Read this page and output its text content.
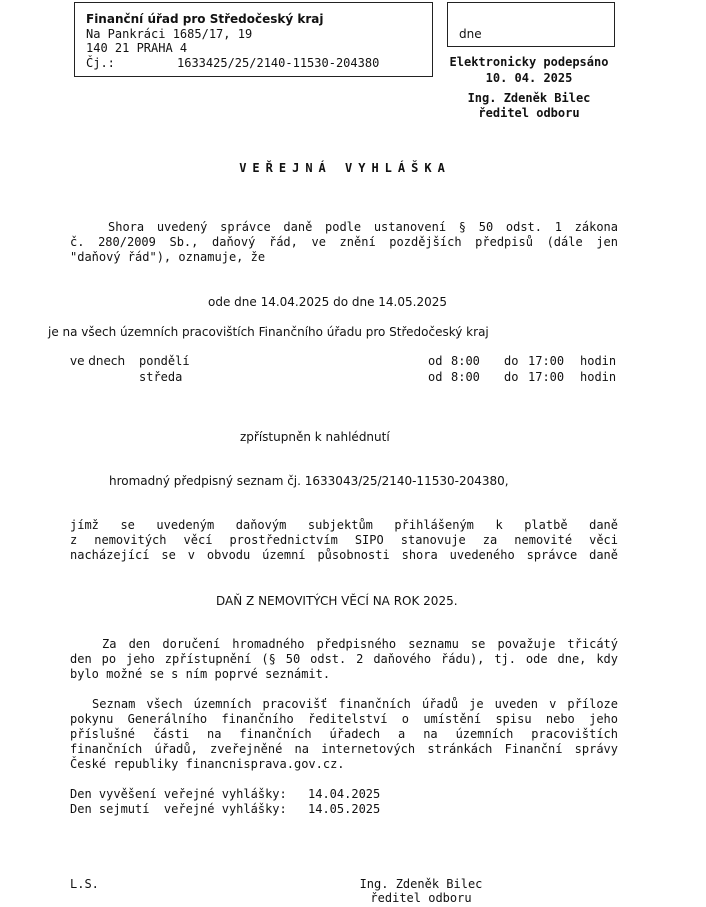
Finanční úřad pro Středočeský kraj
Na Pankráci 1685/17, 19
140 21 PRAHA 4
Čj.:	1633425/25/2140-11530-204380
dne
Elektronicky podepsáno
10. 04. 2025
Ing. Zdeněk Bilec
ředitel odboru
VEŘEJNÁ VYHLÁŠKA
Shora uvedený správce daně podle ustanovení § 50 odst. 1 zákona
č. 280/2009 Sb., daňový řád, ve znění pozdějších předpisů (dále jen
"daňový řád"), oznamuje, že
ode dne 14.04.2025 do dne 14.05.2025
je na všech územních pracovištích Finančního úřadu pro Středočeský kraj
ve dnech pondělí	od 8:00 do 17:00 hodin
středa	od 8:00 do 17:00 hodin
zpřístupněn k nahlédnutí
hromadný předpisný seznam čj. 1633043/25/2140-11530-204380,
jímž se uvedeným daňovým subjektům přihlášeným k platbě daně
z nemovitých věcí prostřednictvím SIPO stanovuje za nemovité věci
nacházející se v obvodu územní působnosti shora uvedeného správce daně
DAŇ Z NEMOVITÝCH VĚCÍ NA ROK 2025.
Za den doručení hromadného předpisného seznamu se považuje třicátý
den po jeho zpřístupnění (§ 50 odst. 2 daňového řádu), tj. ode dne, kdy
bylo možné se s ním poprvé seznámit.
Seznam všech územních pracovišť finančních úřadů je uveden v příloze
pokynu Generálního finančního ředitelství o umístění spisu nebo jeho
příslušné části na finančních úřadech a na územních pracovištích
finančních úřadů, zveřejněné na internetových stránkách Finanční správy
České republiky financnisprava.gov.cz.
Den vyvěšení veřejné vyhlášky: 14.04.2025
Den sejmutí  veřejné vyhlášky: 14.05.2025
L.S.	Ing. Zdeněk Bilec
ředitel odboru
